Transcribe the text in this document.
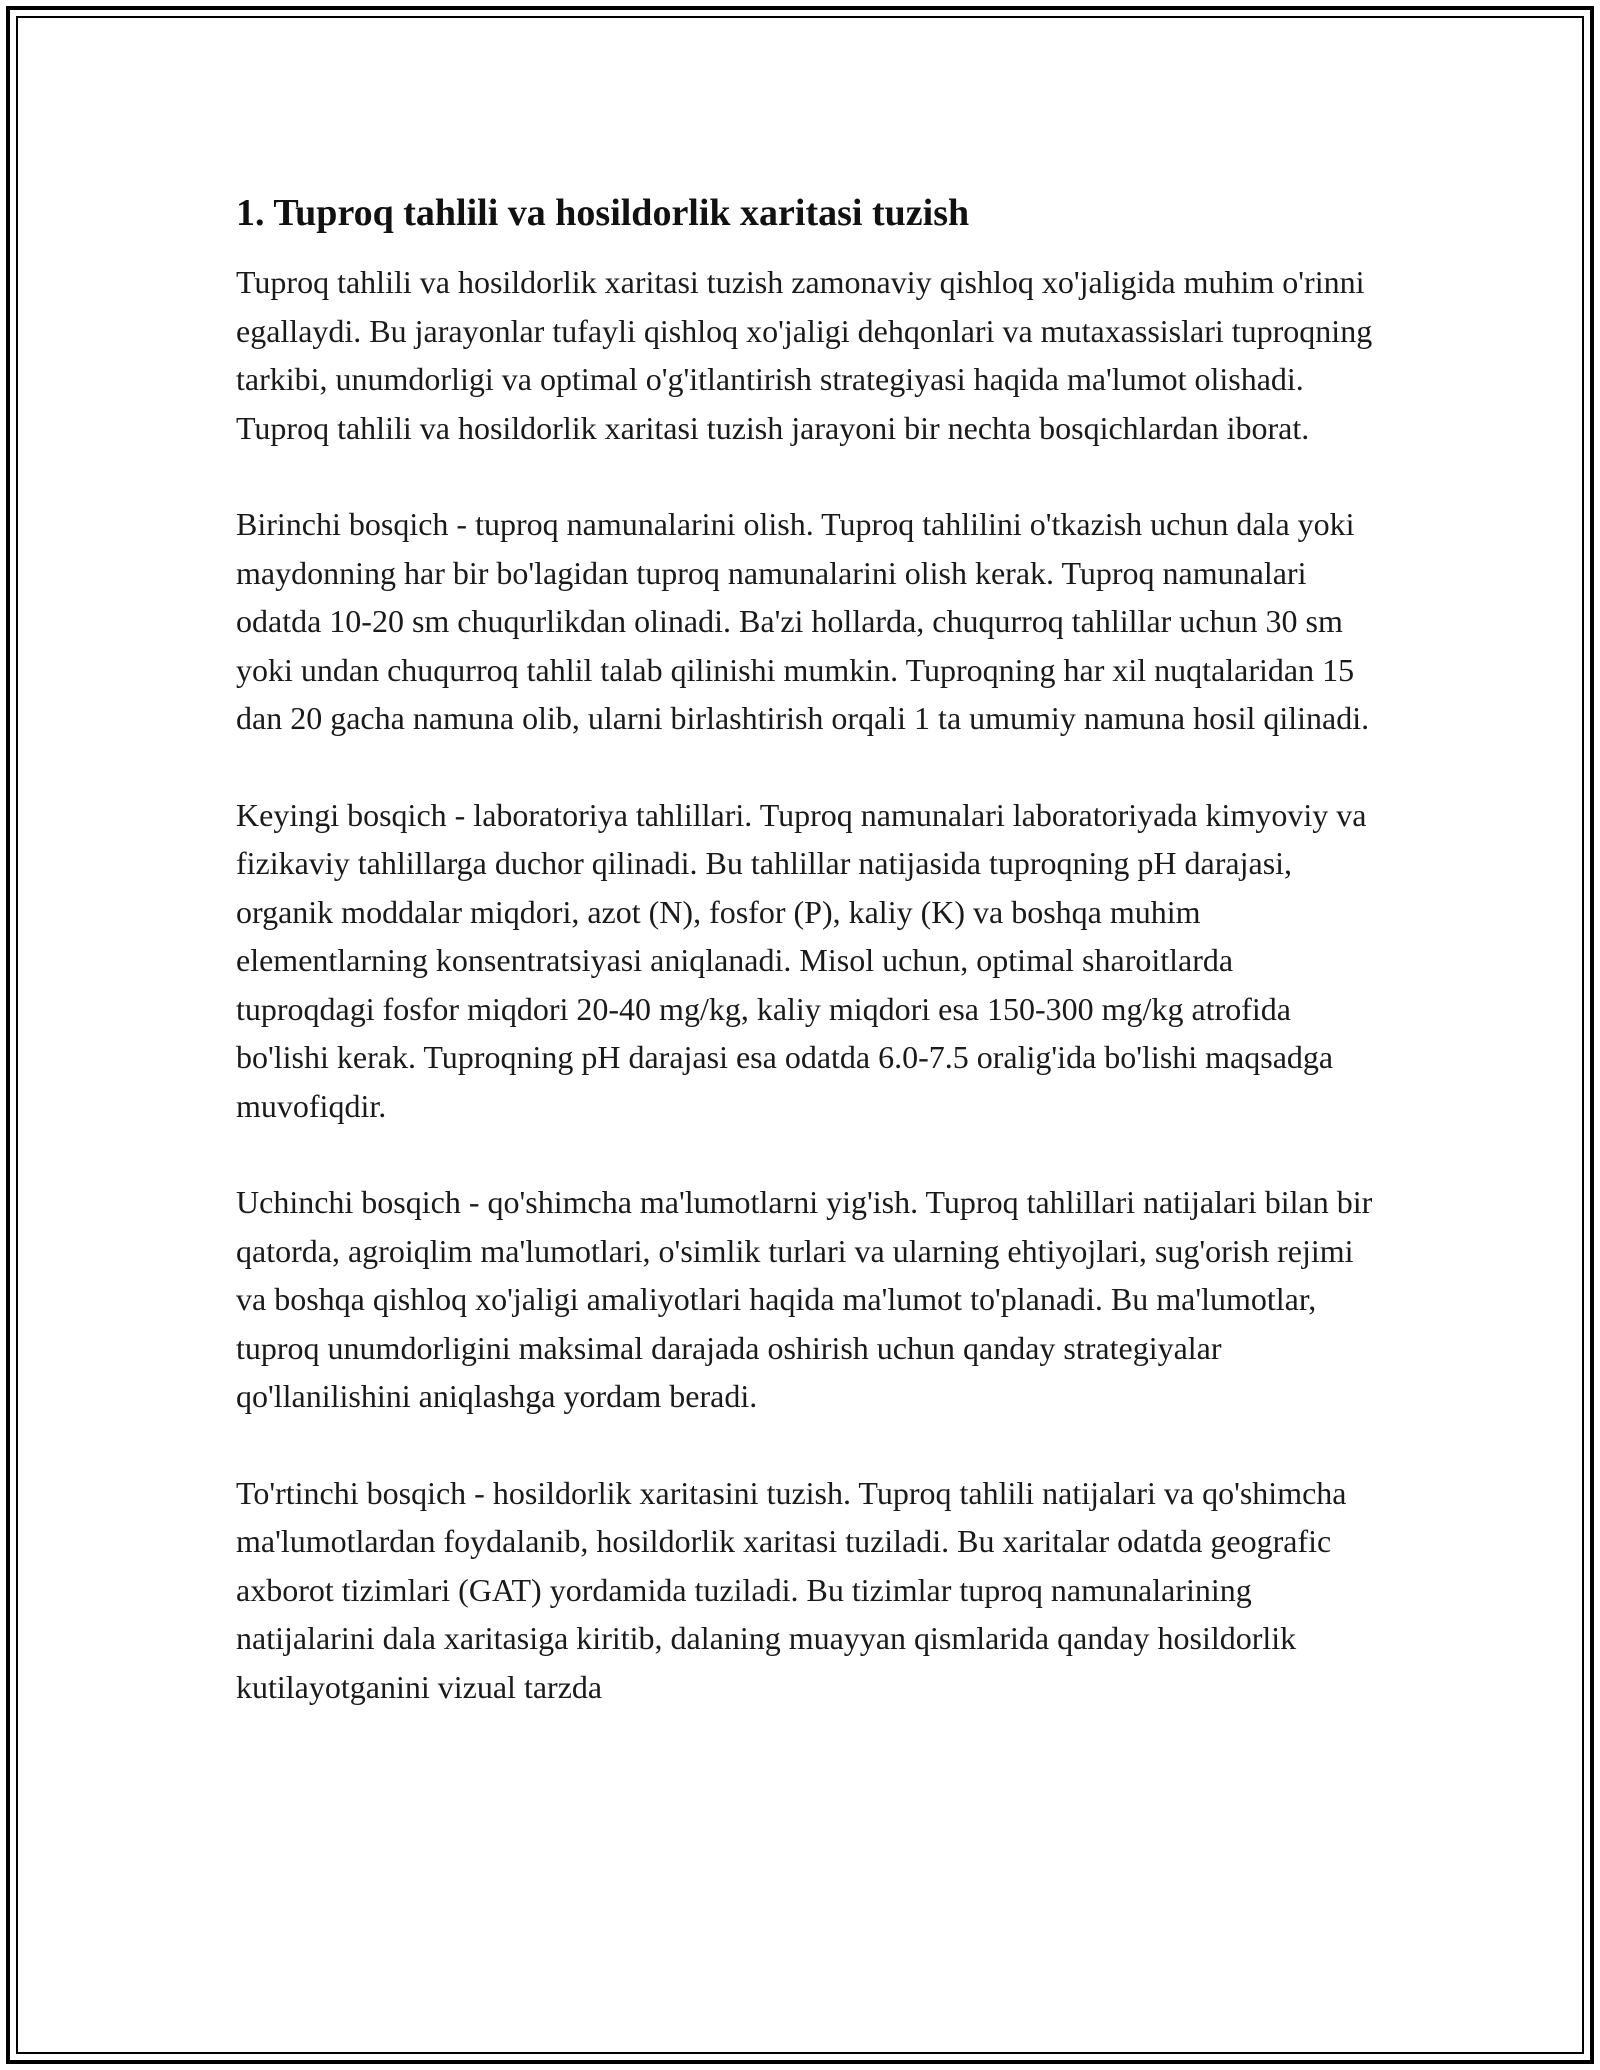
1. Tuproq tahlili va hosildorlik xaritasi tuzish

Tuproq tahlili va hosildorlik xaritasi tuzish zamonaviy qishloq xo'jaligida muhim o'rinni egallaydi. Bu jarayonlar tufayli qishloq xo'jaligi dehqonlari va mutaxassislari tuproqning tarkibi, unumdorligi va optimal o'g'itlantirish strategiyasi haqida ma'lumot olishadi. Tuproq tahlili va hosildorlik xaritasi tuzish jarayoni bir nechta bosqichlardan iborat.

Birinchi bosqich - tuproq namunalarini olish. Tuproq tahlilini o'tkazish uchun dala yoki maydonning har bir bo'lagidan tuproq namunalarini olish kerak. Tuproq namunalari odatda 10-20 sm chuqurlikdan olinadi. Ba'zi hollarda, chuqurroq tahlillar uchun 30 sm yoki undan chuqurroq tahlil talab qilinishi mumkin. Tuproqning har xil nuqtalaridan 15 dan 20 gacha namuna olib, ularni birlashtirish orqali 1 ta umumiy namuna hosil qilinadi.

Keyingi bosqich - laboratoriya tahlillari. Tuproq namunalari laboratoriyada kimyoviy va fizikaviy tahlillarga duchor qilinadi. Bu tahlillar natijasida tuproqning pH darajasi, organik moddalar miqdori, azot (N), fosfor (P), kaliy (K) va boshqa muhim elementlarning konsentratsiyasi aniqlanadi. Misol uchun, optimal sharoitlarda tuproqdagi fosfor miqdori 20-40 mg/kg, kaliy miqdori esa 150-300 mg/kg atrofida bo'lishi kerak. Tuproqning pH darajasi esa odatda 6.0-7.5 oralig'ida bo'lishi maqsadga muvofiqdir.

Uchinchi bosqich - qo'shimcha ma'lumotlarni yig'ish. Tuproq tahlillari natijalari bilan bir qatorda, agroiqlim ma'lumotlari, o'simlik turlari va ularning ehtiyojlari, sug'orish rejimi va boshqa qishloq xo'jaligi amaliyotlari haqida ma'lumot to'planadi. Bu ma'lumotlar, tuproq unumdorligini maksimal darajada oshirish uchun qanday strategiyalar qo'llanilishini aniqlashga yordam beradi.

To'rtinchi bosqich - hosildorlik xaritasini tuzish. Tuproq tahlili natijalari va qo'shimcha ma'lumotlardan foydalanib, hosildorlik xaritasi tuziladi. Bu xaritalar odatda geografic axborot tizimlari (GAT) yordamida tuziladi. Bu tizimlar tuproq namunalarining natijalarini dala xaritasiga kiritib, dalaning muayyan qismlarida qanday hosildorlik kutilayotganini vizual tarzda
